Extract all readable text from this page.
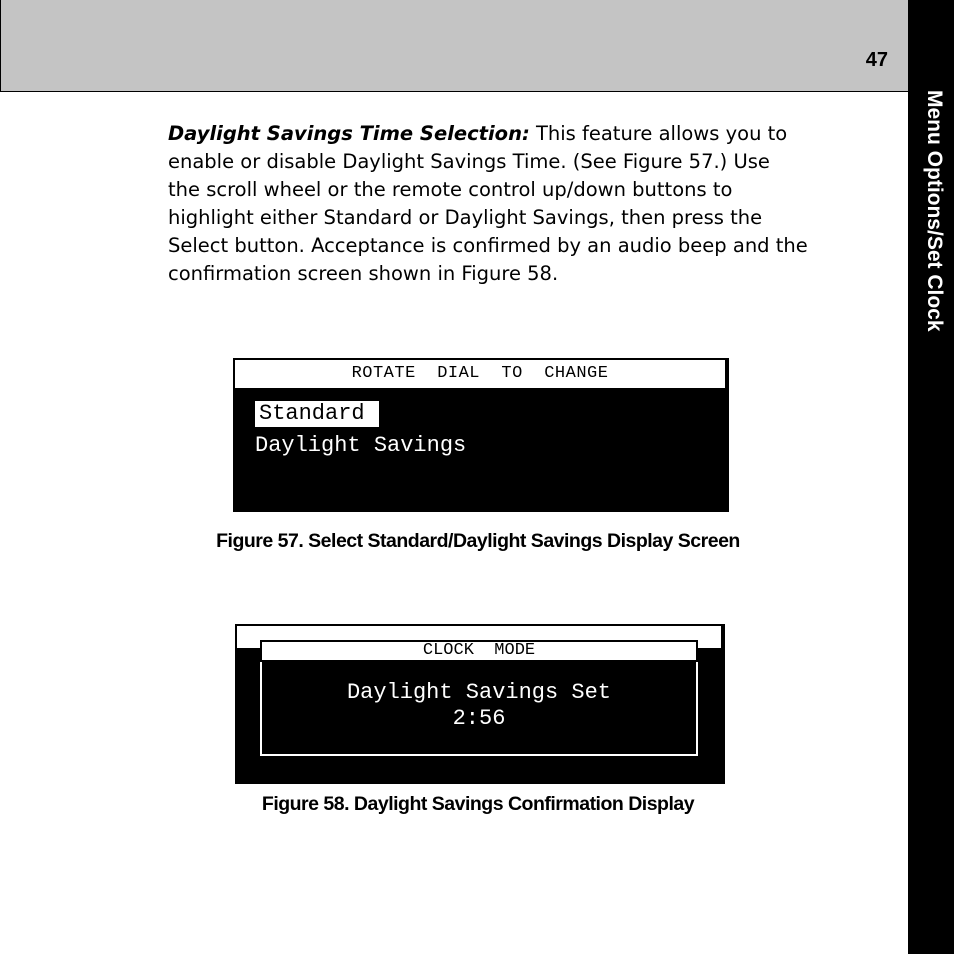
47
Menu Options/Set Clock

Daylight Savings Time Selection: This feature allows you to enable or disable Daylight Savings Time. (See Figure 57.) Use the scroll wheel or the remote control up/down buttons to highlight either Standard or Daylight Savings, then press the Select button. Acceptance is confirmed by an audio beep and the confirmation screen shown in Figure 58.

ROTATE  DIAL  TO  CHANGE
Standard
Daylight Savings
Figure 57. Select Standard/Daylight Savings Display Screen
CLOCK  MODE
Daylight Savings Set
2:56
Figure 58. Daylight Savings Confirmation Display
